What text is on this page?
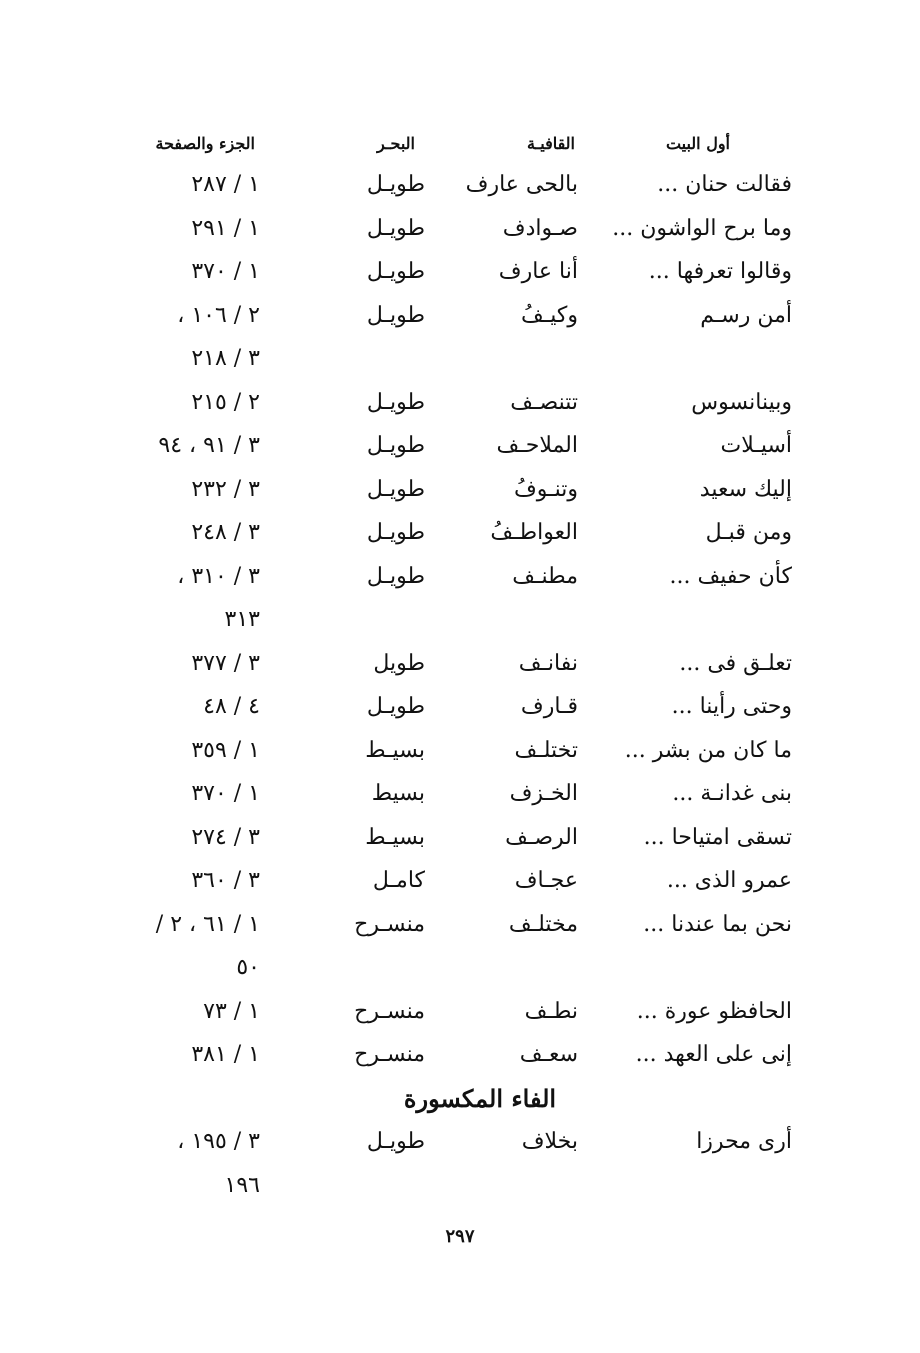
أول البيت
القافيـة
البحـر
الجزء والصفحة
فقالت حنان ...
بالحى عارف
طويـل
١ / ٢٨٧
وما برح الواشون ...
صـوادف
طويـل
١ / ٢٩١
وقالوا تعرفها ...
أنا عارف
طويـل
١ / ٣٧٠
أمن رسـم
وكيـفُ
طويـل
٢ / ١٠٦ ،
٣ / ٢١٨
وبينانسوس
تتنصـف
طويـل
٢ / ٢١٥
أسيـلات
الملاحـف
طويـل
٣ / ٩١ ، ٩٤
إليك سعيد
وتنـوفُ
طويـل
٣ / ٢٣٢
ومن قبـل
العواطـفُ
طويـل
٣ / ٢٤٨
كأن حفيف ...
مطنـف
طويـل
٣ / ٣١٠ ،
٣١٣
تعلـق فى ...
نفانـف
طويل
٣ / ٣٧٧
وحتى رأينا ...
قـارف
طويـل
٤ / ٤٨
ما كان من بشر ...
تختلـف
بسيـط
١ / ٣٥٩
بنى غدانـة ...
الخـزف
بسيط
١ / ٣٧٠
تسقى امتياحا ...
الرصـف
بسيـط
٣ / ٢٧٤
عمرو الذى ...
عجـاف
كامـل
٣ / ٣٦٠
نحن بما عندنا ...
مختلـف
منسـرح
١ / ٦١ ، ٢ /
٥٠
الحافظو عورة ...
نطـف
منسـرح
١ / ٧٣
إنى على العهد ...
سعـف
منسـرح
١ / ٣٨١
الفاء المكسورة
أرى محرزا
بخلاف
طويـل
٣ / ١٩٥ ،
١٩٦
٢٩٧
